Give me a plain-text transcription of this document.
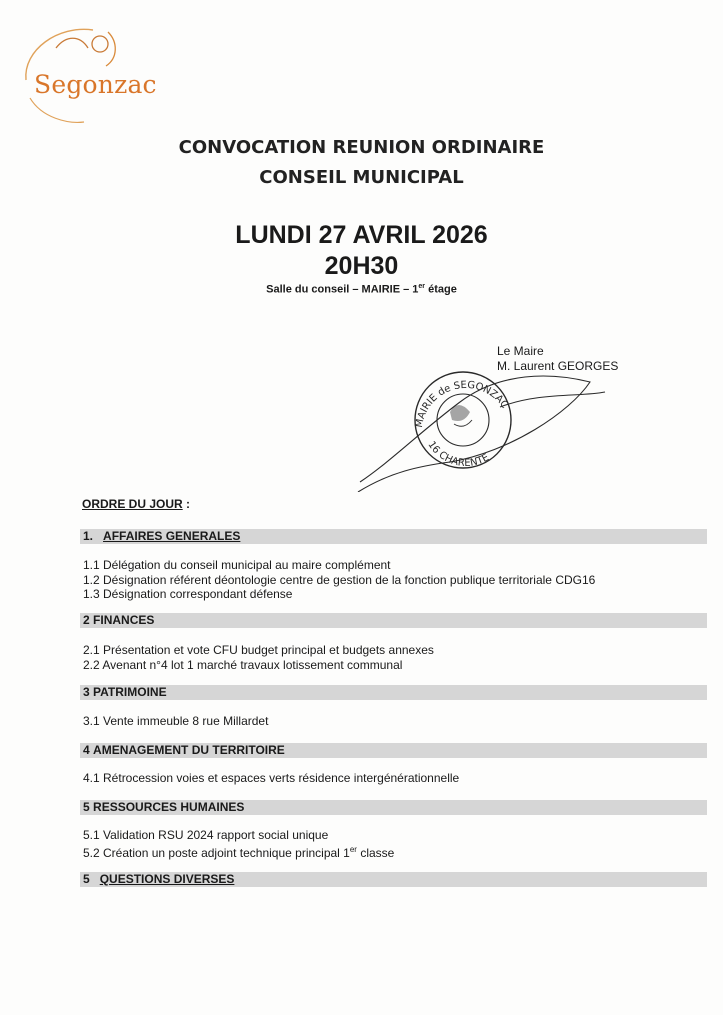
Segonzac
CONVOCATION REUNION ORDINAIRE
CONSEIL MUNICIPAL
LUNDI 27 AVRIL 2026
20H30
Salle du conseil – MAIRIE – 1er étage
Le Maire
M. Laurent GEORGES
MAIRIE de SEGONZAC
16 CHARENTE
ORDRE DU JOUR :
1. AFFAIRES GENERALES
1.1 Délégation du conseil municipal au maire complément
1.2 Désignation référent déontologie centre de gestion de la fonction publique territoriale CDG16
1.3 Désignation correspondant défense
2 FINANCES
2.1 Présentation et vote CFU budget principal et budgets annexes
2.2 Avenant n°4 lot 1 marché travaux lotissement communal
3 PATRIMOINE
3.1 Vente immeuble 8 rue Millardet
4 AMENAGEMENT DU TERRITOIRE
4.1 Rétrocession voies et espaces verts résidence intergénérationnelle
5 RESSOURCES HUMAINES
5.1 Validation RSU 2024 rapport social unique
5.2 Création un poste adjoint technique principal 1er classe
5 QUESTIONS DIVERSES
